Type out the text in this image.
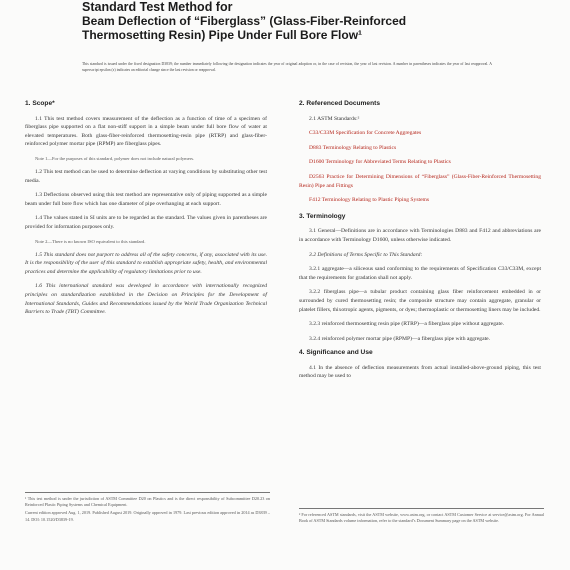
Standard Test Method for
Beam Deflection of “Fiberglass” (Glass-Fiber-Reinforced
Thermosetting Resin) Pipe Under Full Bore Flow¹
This standard is issued under the fixed designation D3839; the number immediately following the designation indicates the year of original adoption or, in the case of revision, the year of last revision. A number in parentheses indicates the year of last reapproval. A superscript epsilon (ε) indicates an editorial change since the last revision or reapproval.
1. Scope*

1.1 This test method covers measurement of the deflection as a function of time of a specimen of fiberglass pipe supported on a flat non-stiff support in a simple beam under full bore flow of water at elevated temperatures. Both glass-fiber-reinforced thermosetting-resin pipe (RTRP) and glass-fiber-reinforced polymer mortar pipe (RPMP) are fiberglass pipes.

Note 1—For the purposes of this standard, polymer does not include natural polymers.

1.2 This test method can be used to determine deflection at varying conditions by substituting other test media.

1.3 Deflections observed using this test method are representative only of piping supported as a simple beam under full bore flow which has one diameter of pipe overhanging at each support.

1.4 The values stated in SI units are to be regarded as the standard. The values given in parentheses are provided for information purposes only.

Note 2—There is no known ISO equivalent to this standard.

1.5 This standard does not purport to address all of the safety concerns, if any, associated with its use. It is the responsibility of the user of this standard to establish appropriate safety, health, and environmental practices and determine the applicability of regulatory limitations prior to use.

1.6 This international standard was developed in accordance with internationally recognized principles on standardization established in the Decision on Principles for the Development of International Standards, Guides and Recommendations issued by the World Trade Organization Technical Barriers to Trade (TBT) Committee.

¹ This test method is under the jurisdiction of ASTM Committee D20 on Plastics and is the direct responsibility of Subcommittee D20.23 on Reinforced Plastic Piping Systems and Chemical Equipment.

Current edition approved Aug. 1, 2019. Published August 2019. Originally approved in 1979. Last previous edition approved in 2014 as D3839 – 14. DOI: 10.1520/D3839-19.

2. Referenced Documents

2.1 ASTM Standards:²

C33/C33M Specification for Concrete Aggregates

D883 Terminology Relating to Plastics

D1600 Terminology for Abbreviated Terms Relating to Plastics

D2563 Practice for Determining Dimensions of “Fiberglass” (Glass-Fiber-Reinforced Thermosetting Resin) Pipe and Fittings

F412 Terminology Relating to Plastic Piping Systems

3. Terminology

3.1 General—Definitions are in accordance with Terminologies D883 and F412 and abbreviations are in accordance with Terminology D1600, unless otherwise indicated.

3.2 Definitions of Terms Specific to This Standard:

3.2.1 aggregate—a siliceous sand conforming to the requirements of Specification C33/C33M, except that the requirements for gradation shall not apply.

3.2.2 fiberglass pipe—a tubular product containing glass fiber reinforcement embedded in or surrounded by cured thermosetting resin; the composite structure may contain aggregate, granular or platelet fillers, thixotropic agents, pigments, or dyes; thermoplastic or thermosetting liners may be included.

3.2.3 reinforced thermosetting resin pipe (RTRP)—a fiberglass pipe without aggregate.

3.2.4 reinforced polymer mortar pipe (RPMP)—a fiberglass pipe with aggregate.

4. Significance and Use

4.1 In the absence of deflection measurements from actual installed-above-ground piping, this test method may be used to

² For referenced ASTM standards, visit the ASTM website, www.astm.org, or contact ASTM Customer Service at service@astm.org. For Annual Book of ASTM Standards volume information, refer to the standard’s Document Summary page on the ASTM website.
